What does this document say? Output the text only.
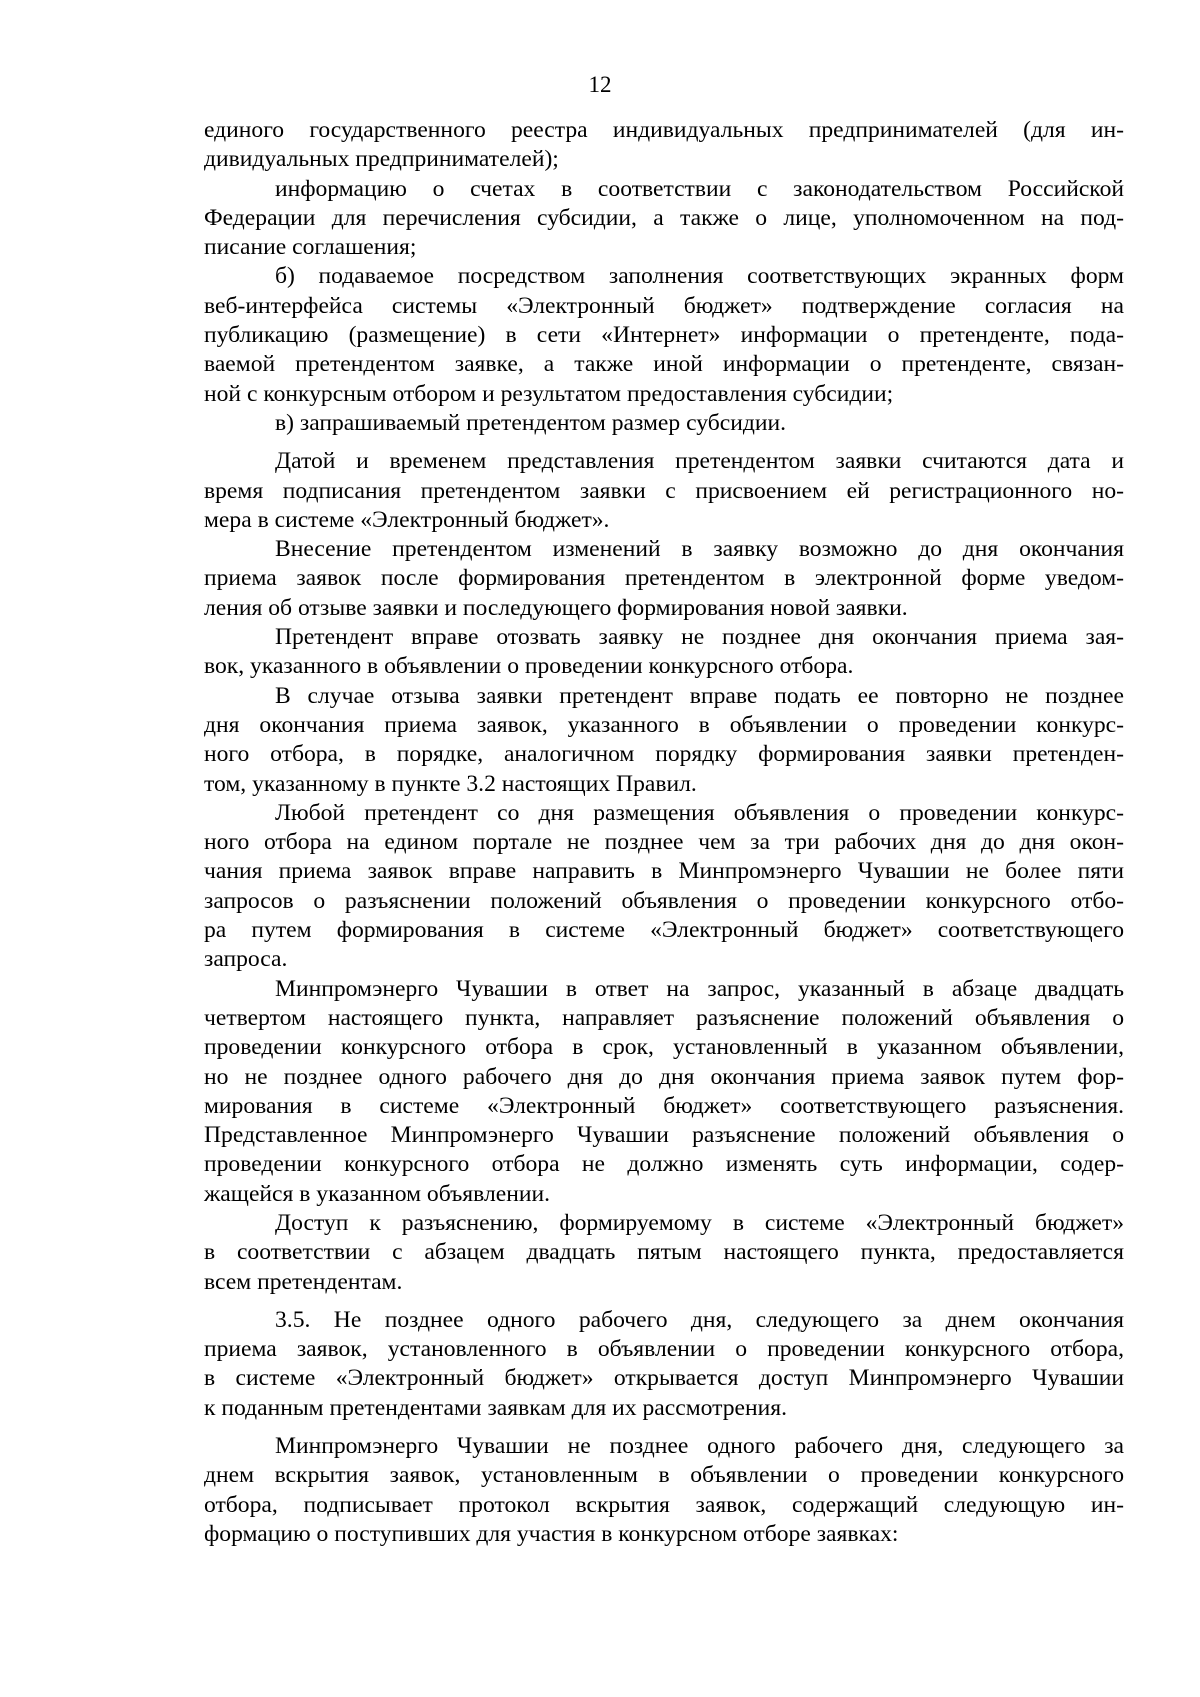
12

единого государственного реестра индивидуальных предпринимателей (для ин-
дивидуальных предпринимателей);

информацию о счетах в соответствии с законодательством Российской
Федерации для перечисления субсидии, а также о лице, уполномоченном на под-
писание соглашения;

б) подаваемое посредством заполнения соответствующих экранных форм
веб-интерфейса системы «Электронный бюджет» подтверждение согласия на
публикацию (размещение) в сети «Интернет» информации о претенденте, пода-
ваемой претендентом заявке, а также иной информации о претенденте, связан-
ной с конкурсным отбором и результатом предоставления субсидии;

в) запрашиваемый претендентом размер субсидии.

Датой и временем представления претендентом заявки считаются дата и
время подписания претендентом заявки с присвоением ей регистрационного но-
мера в системе «Электронный бюджет».

Внесение претендентом изменений в заявку возможно до дня окончания
приема заявок после формирования претендентом в электронной форме уведом-
ления об отзыве заявки и последующего формирования новой заявки.

Претендент вправе отозвать заявку не позднее дня окончания приема зая-
вок, указанного в объявлении о проведении конкурсного отбора.

В случае отзыва заявки претендент вправе подать ее повторно не позднее
дня окончания приема заявок, указанного в объявлении о проведении конкурс-
ного отбора, в порядке, аналогичном порядку формирования заявки претенден-
том, указанному в пункте 3.2 настоящих Правил.

Любой претендент со дня размещения объявления о проведении конкурс-
ного отбора на едином портале не позднее чем за три рабочих дня до дня окон-
чания приема заявок вправе направить в Минпромэнерго Чувашии не более пяти
запросов о разъяснении положений объявления о проведении конкурсного отбо-
ра путем формирования в системе «Электронный бюджет» соответствующего
запроса.

Минпромэнерго Чувашии в ответ на запрос, указанный в абзаце двадцать
четвертом настоящего пункта, направляет разъяснение положений объявления о
проведении конкурсного отбора в срок, установленный в указанном объявлении,
но не позднее одного рабочего дня до дня окончания приема заявок путем фор-
мирования в системе «Электронный бюджет» соответствующего разъяснения.
Представленное Минпромэнерго Чувашии разъяснение положений объявления о
проведении конкурсного отбора не должно изменять суть информации, содер-
жащейся в указанном объявлении.

Доступ к разъяснению, формируемому в системе «Электронный бюджет»
в соответствии с абзацем двадцать пятым настоящего пункта, предоставляется
всем претендентам.

3.5. Не позднее одного рабочего дня, следующего за днем окончания
приема заявок, установленного в объявлении о проведении конкурсного отбора,
в системе «Электронный бюджет» открывается доступ Минпромэнерго Чувашии
к поданным претендентами заявкам для их рассмотрения.

Минпромэнерго Чувашии не позднее одного рабочего дня, следующего за
днем вскрытия заявок, установленным в объявлении о проведении конкурсного
отбора, подписывает протокол вскрытия заявок, содержащий следующую ин-
формацию о поступивших для участия в конкурсном отборе заявках:
